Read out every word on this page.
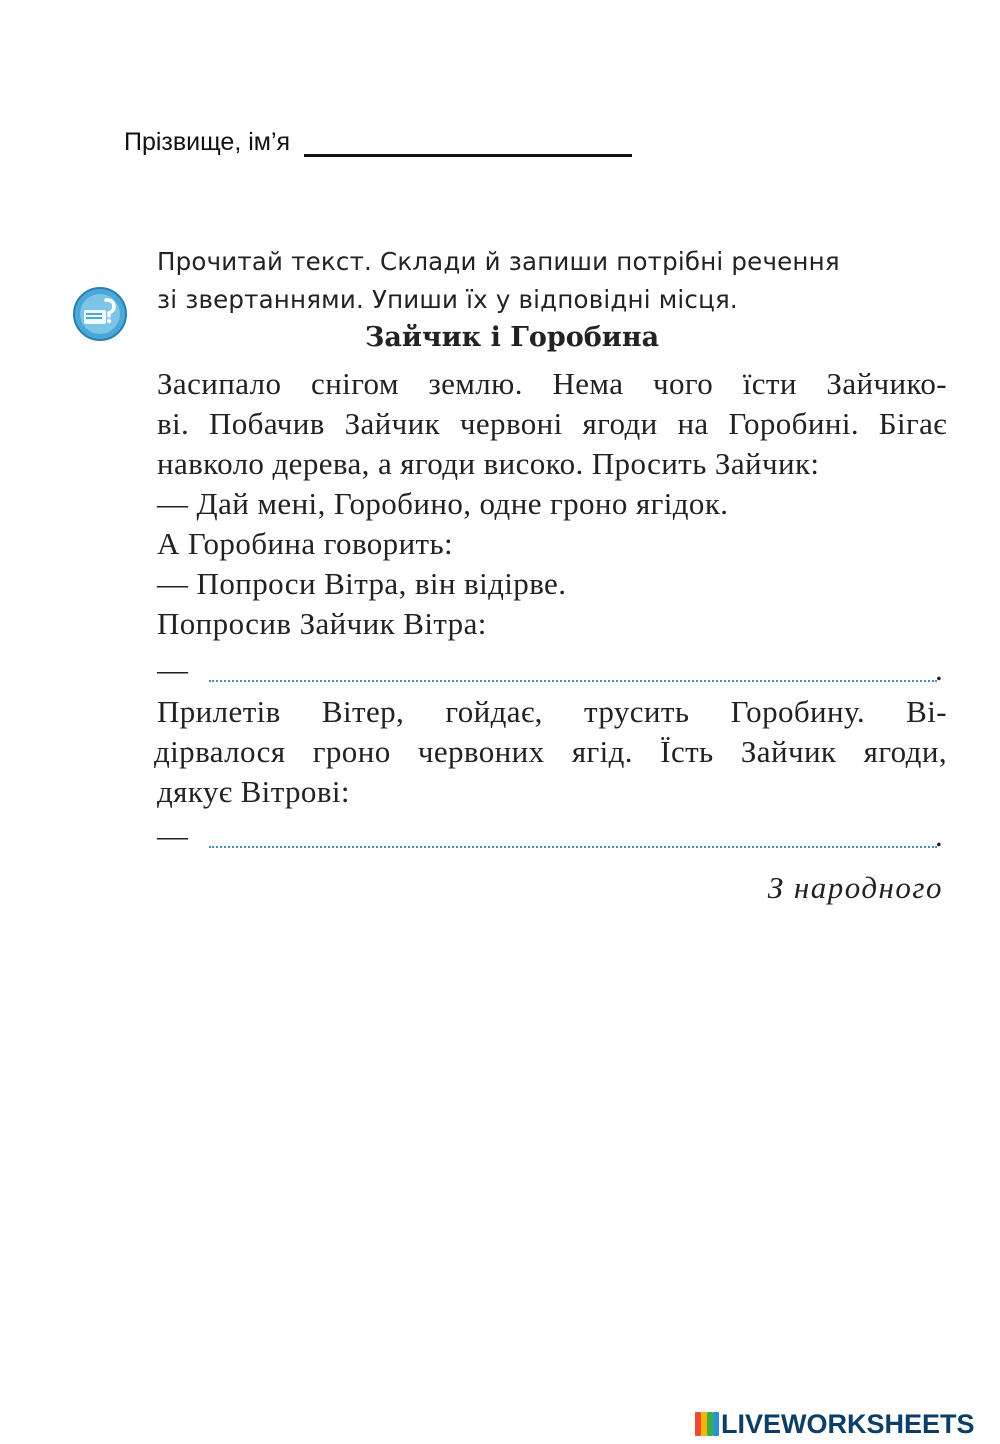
Прізвище, ім’я
Прочитай текст. Склади й запиши потрібні речення
зі звертаннями. Упиши їх у відповідні місця.
Зайчик і Горобина
Засипало снігом землю. Нема чого їсти Зайчико-
ві. Побачив Зайчик червоні ягоди на Горобині. Бігає
навколо дерева, а ягоди високо. Просить Зайчик:
— Дай мені, Горобино, одне гроно ягідок.
А Горобина говорить:
— Попроси Вітра, він відірве.
Попросив Зайчик Вітра:
—	.
Прилетів Вітер, гойдає, трусить Горобину. Ві-
дірвалося гроно червоних ягід. Їсть Зайчик ягоди,
дякує Вітрові:
—	.
З народного
LIVEWORKSHEETS
